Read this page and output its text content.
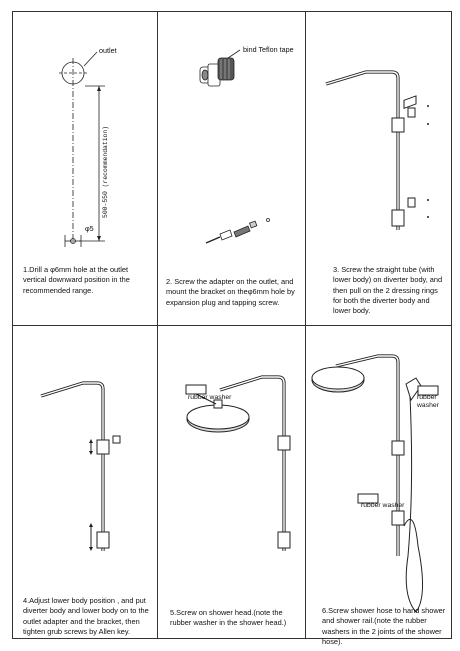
outlet
500-550 (recommendation)
φ5
1.Drill a φ6mm hole at the outlet vertical downward position in the recommended range.
bind Teflon tape
2. Screw the adapter on the outlet, and mount the bracket on theφ6mm hole by expansion plug and tapping screw.
3. Screw the straight tube (with lower body) on diverter body, and then pull on the 2 dressing rings for both the diverter body and lower body.
4.Adjust lower body position , and put diverter body and lower body on to the outlet adapter and the bracket, then tighten grub screws by Allen key.
rubber washer
5.Screw on shower head.(note the rubber washer in the shower head.)
rubber washer
rubber washer
6.Screw shower hose to hand shower and shower rail.(note the rubber washers in the 2 joints of the shower hose).
